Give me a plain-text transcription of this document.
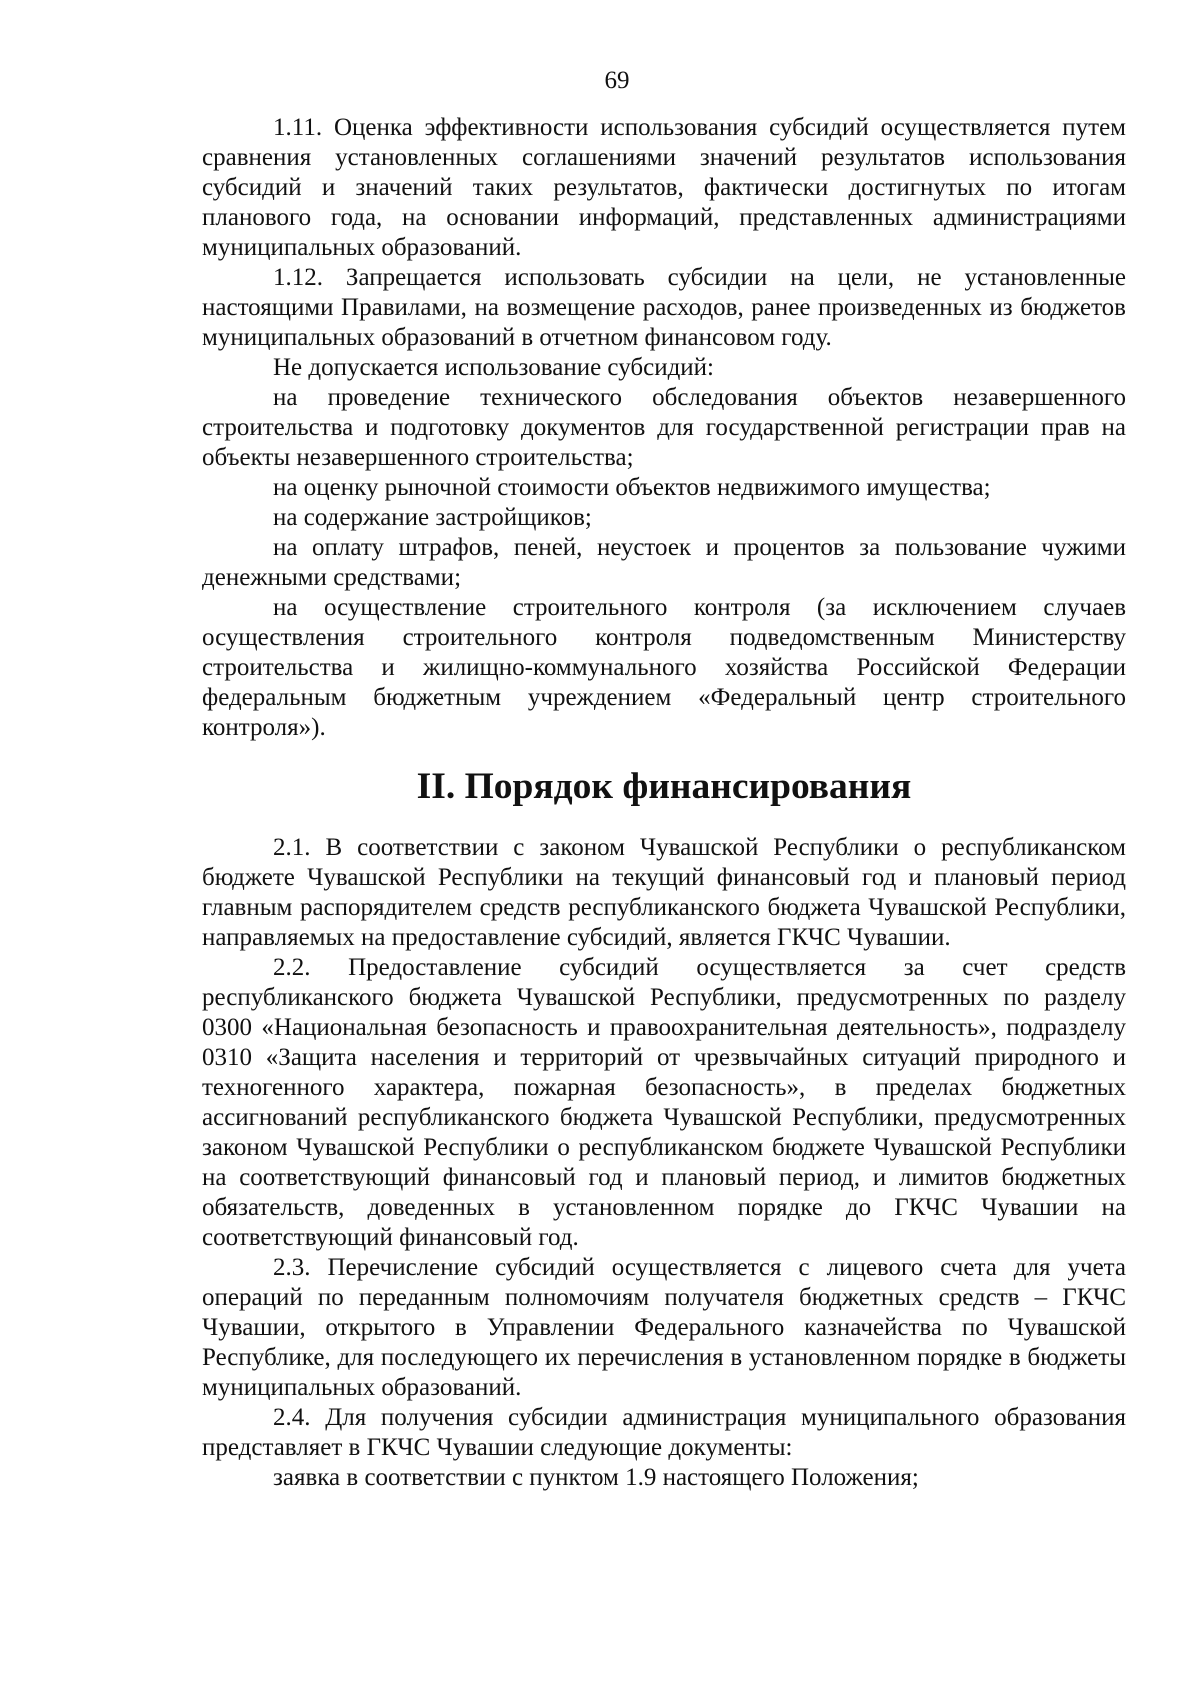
69

1.11. Оценка эффективности использования субсидий осуществляется путем сравнения установленных соглашениями значений результатов использования субсидий и значений таких результатов, фактически достигнутых по итогам планового года, на основании информаций, представленных администрациями муниципальных образований.

1.12. Запрещается использовать субсидии на цели, не установленные настоящими Правилами, на возмещение расходов, ранее произведенных из бюджетов муниципальных образований в отчетном финансовом году.

Не допускается использование субсидий:

на проведение технического обследования объектов незавершенного строительства и подготовку документов для государственной регистрации прав на объекты незавершенного строительства;

на оценку рыночной стоимости объектов недвижимого имущества;

на содержание застройщиков;

на оплату штрафов, пеней, неустоек и процентов за пользование чужими денежными средствами;

на осуществление строительного контроля (за исключением случаев осуществления строительного контроля подведомственным Министерству строительства и жилищно-коммунального хозяйства Российской Федерации федеральным бюджетным учреждением «Федеральный центр строительного контроля»).

II. Порядок финансирования

2.1. В соответствии с законом Чувашской Республики о республиканском бюджете Чувашской Республики на текущий финансовый год и плановый период главным распорядителем средств республиканского бюджета Чувашской Республики, направляемых на предоставление субсидий, является ГКЧС Чувашии.

2.2. Предоставление субсидий осуществляется за счет средств республиканского бюджета Чувашской Республики, предусмотренных по разделу 0300 «Национальная безопасность и правоохранительная деятельность», подразделу 0310 «Защита населения и территорий от чрезвычайных ситуаций природного и техногенного характера, пожарная безопасность», в пределах бюджетных ассигнований республиканского бюджета Чувашской Республики, предусмотренных законом Чувашской Республики о республиканском бюджете Чувашской Республики на соответствующий финансовый год и плановый период, и лимитов бюджетных обязательств, доведенных в установленном порядке до ГКЧС Чувашии на соответствующий финансовый год.

2.3. Перечисление субсидий осуществляется с лицевого счета для учета операций по переданным полномочиям получателя бюджетных средств – ГКЧС Чувашии, открытого в Управлении Федерального казначейства по Чувашской Республике, для последующего их перечисления в установленном порядке в бюджеты муниципальных образований.

2.4. Для получения субсидии администрация муниципального образования представляет в ГКЧС Чувашии следующие документы:

заявка в соответствии с пунктом 1.9 настоящего Положения;
